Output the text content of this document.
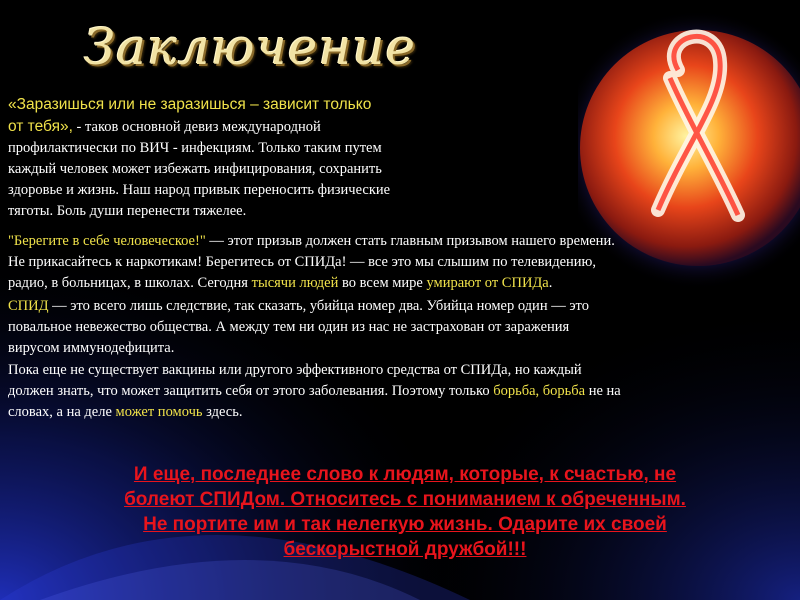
Заключение
«Заразишься или не заразишься – зависит только
от тебя», - таков основной девиз международной
профилактически по ВИЧ - инфекциям. Только таким путем
каждый человек может избежать инфицирования, сохранить
здоровье и жизнь. Наш народ привык переносить физические
тяготы. Боль души перенести тяжелее.
"Берегите в себе человеческое!" — этот призыв должен стать главным призывом нашего времени.
Не прикасайтесь к наркотикам! Берегитесь от СПИДа! — все это мы слышим по телевидению,
радио, в больницах, в школах. Сегодня тысячи людей во всем мире умирают от СПИДа.
СПИД — это всего лишь следствие, так сказать, убийца номер два. Убийца номер один — это
повальное невежество общества. А между тем ни один из нас не застрахован от заражения
вирусом иммунодефицита.
Пока еще не существует вакцины или другого эффективного средства от СПИДа, но каждый
должен знать, что может защитить себя от этого заболевания. Поэтому только борьба, борьба не на
словах, а на деле может помочь здесь.
И еще, последнее слово к людям, которые, к счастью, не
болеют СПИДом. Относитесь с пониманием к обреченным.
Не портите им и так нелегкую жизнь. Одарите их своей
бескорыстной дружбой!!!
